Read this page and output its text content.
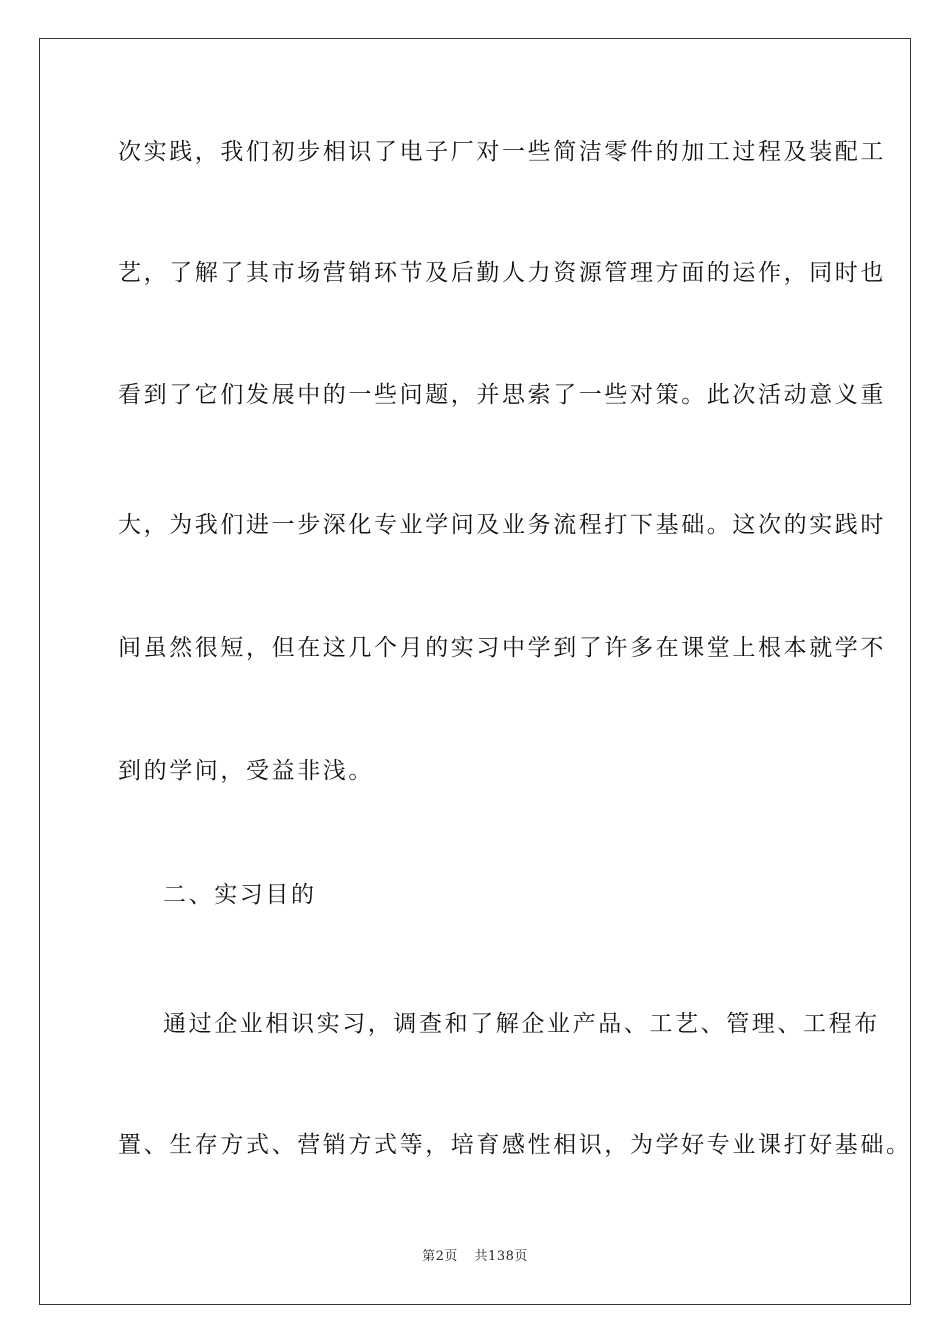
次实践，我们初步相识了电子厂对一些简洁零件的加工过程及装配工
艺，了解了其市场营销环节及后勤人力资源管理方面的运作，同时也
看到了它们发展中的一些问题，并思索了一些对策。此次活动意义重
大，为我们进一步深化专业学问及业务流程打下基础。这次的实践时
间虽然很短，但在这几个月的实习中学到了许多在课堂上根本就学不
到的学问，受益非浅。
二、实习目的
通过企业相识实习，调查和了解企业产品、工艺、管理、工程布
置、生存方式、营销方式等，培育感性相识，为学好专业课打好基础。
第2页 共138页
